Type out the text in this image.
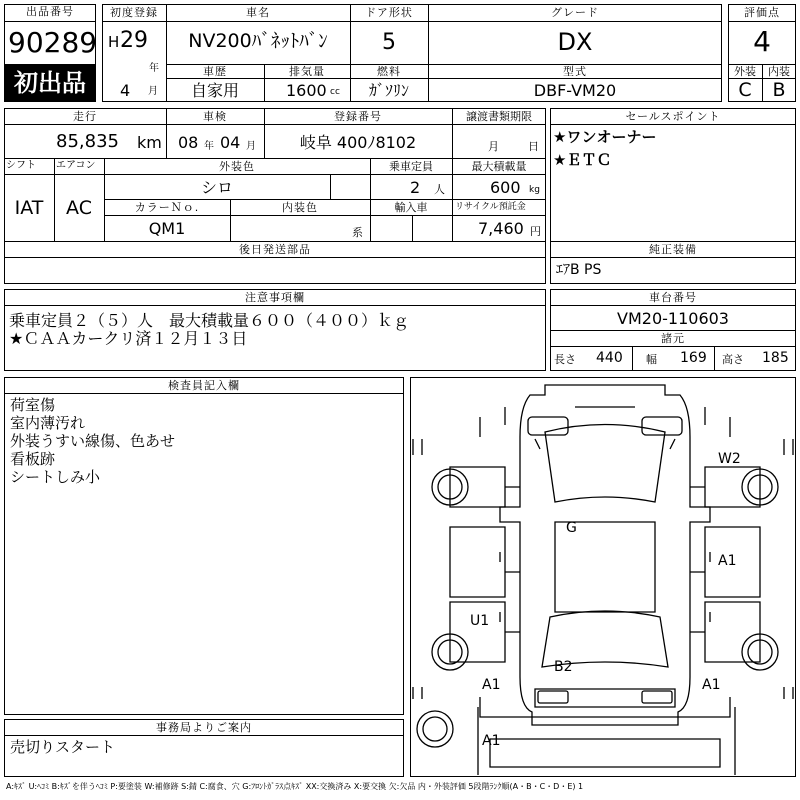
出品番号
90289
初出品
初度登録
H 29
年
4 月
車名
NV200ﾊﾞﾈｯﾄﾊﾞﾝ
ドア形状
5
グレード
DX
車歴
自家用
排気量
1600 cc
燃料
ｶﾞｿﾘﾝ
型式
DBF-VM20
評価点
4
外装	内装
C	B
走行
85,835 km
車検
08 年 04 月
登録番号
岐阜 400ﾉ8102
譲渡書類期限
月	日
シフト
IAT
エアコン
AC
外装色
シロ
乗車定員
2 人
最大積載量
600 kg
カラーＮｏ.
QM1
内装色
系
輸入車	リサイクル預託金
7,460 円
後日発送部品
セールスポイント
★ワンオーナー
★ＥＴＣ
純正装備
ｴｱB PS
注意事項欄
乗車定員２（５）人　最大積載量６００（４００）ｋｇ
★ＣＡＡカークリ済１２月１３日
車台番号
VM20-110603
諸元
長さ 440 幅 169 高さ 185
検査員記入欄
荷室傷
室内薄汚れ
外装うすい線傷、色あせ
看板跡
シートしみ小
事務局よりご案内
売切りスタート
W2
G
A1
U1
B2
A1	A1
A1
A:ｷｽﾞ U:ﾍｺﾐ B:ｷｽﾞを伴うﾍｺﾐ P:要塗装 W:補修跡 S:錆 C:腐食、穴 G:ﾌﾛﾝﾄｶﾞﾗｽ点ｷｽﾞ XX:交換済み X:要交換 欠:欠品 内・外装評価 5段階ﾗﾝｸ順(A・B・C・D・E) 1
